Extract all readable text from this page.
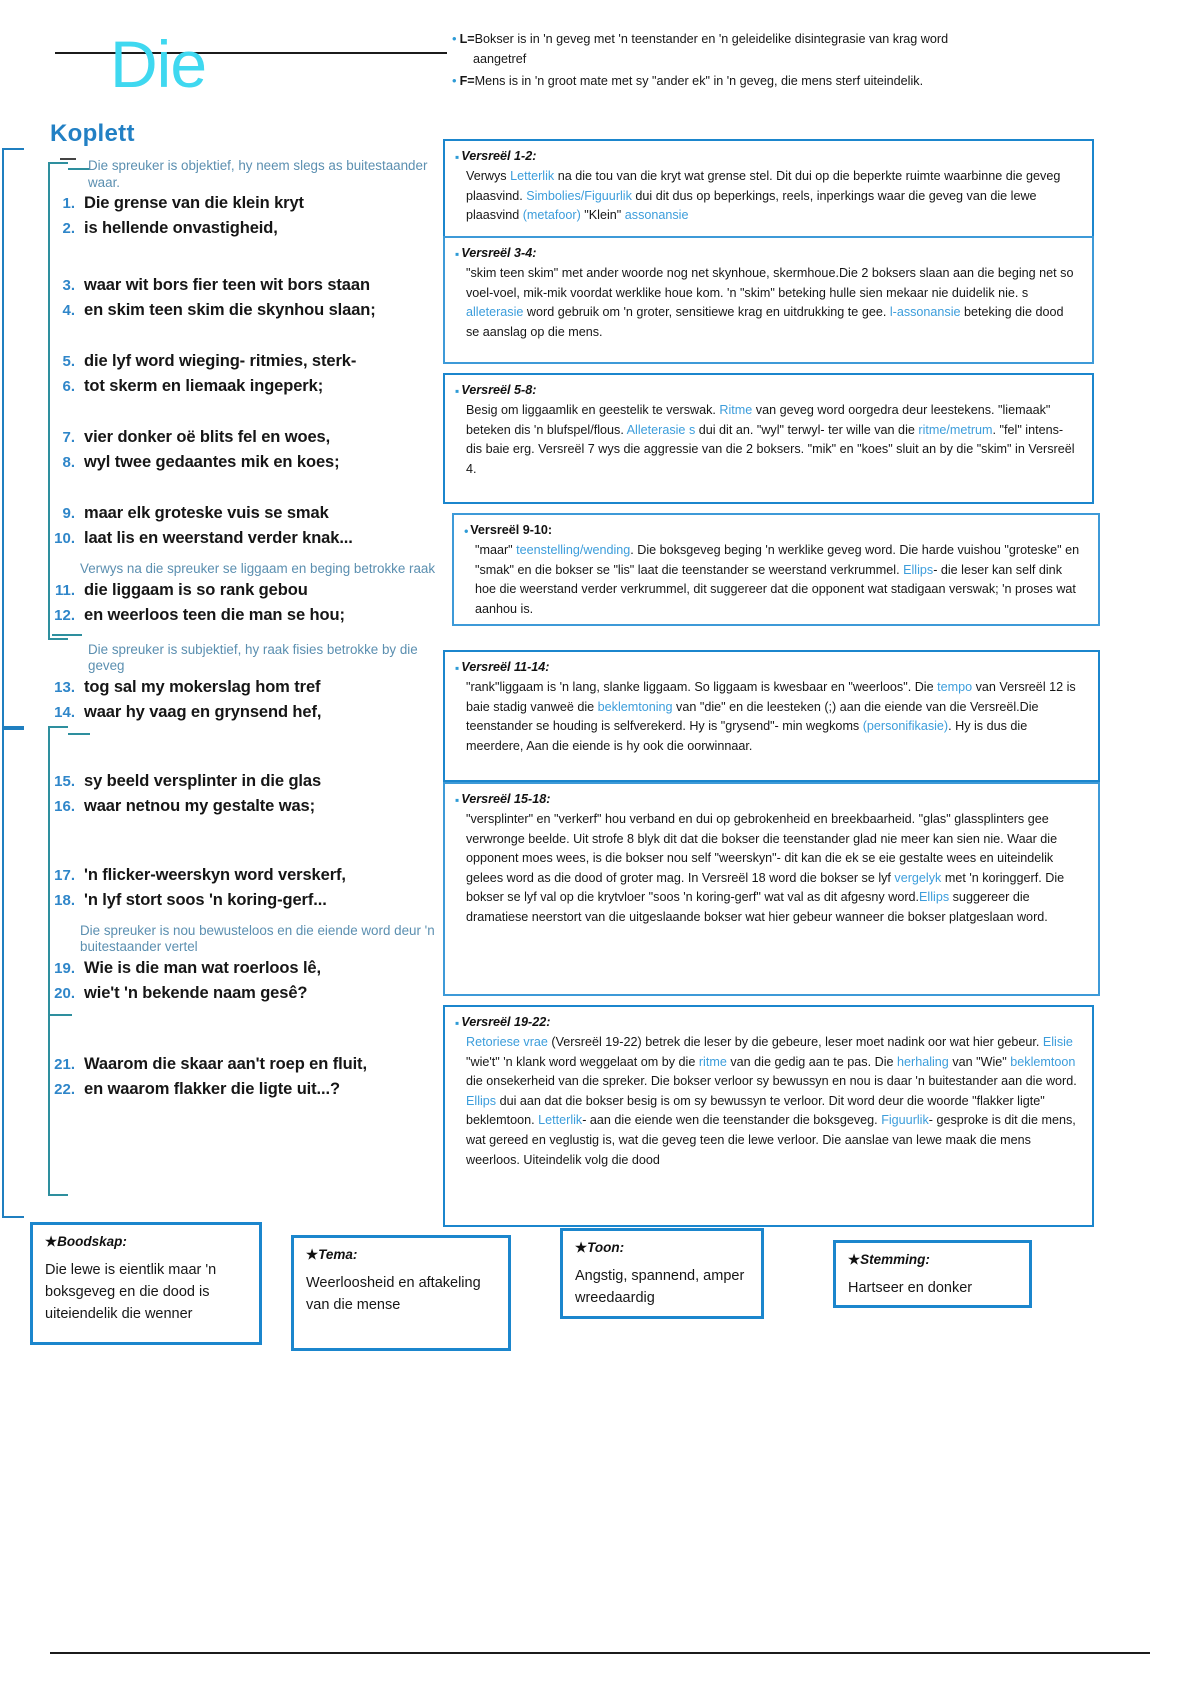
Die	• L=Bokser is in 'n geveg met 'n teenstander en 'n geleidelike disintegrasie van krag word
aangetref
• F=Mens is in 'n groot mate met sy "ander ek" in 'n geveg, die mens sterf uiteindelik.
Koplett
Die spreuker is objektief, hy neem slegs as buitestaander waar.
1. Die grense van die klein kryt
2. is hellende onvastigheid,
3. waar wit bors fier teen wit bors staan
4. en skim teen skim die skynhou slaan;
5. die lyf word wieging- ritmies, sterk-
6. tot skerm en liemaak ingeperk;
7. vier donker oë blits fel en woes,
8. wyl twee gedaantes mik en koes;
9. maar elk groteske vuis se smak
10. laat lis en weerstand verder knak...
Verwys na die spreuker se liggaam en beging betrokke raak
11. die liggaam is so rank gebou
12. en weerloos teen die man se hou;
Die spreuker is subjektief, hy raak fisies betrokke by die geveg
13. tog sal my mokerslag hom tref
14. waar hy vaag en grynsend hef,
15. sy beeld versplinter in die glas
16. waar netnou my gestalte was;
17. 'n flicker-weerskyn word verskerf,
18. 'n lyf stort soos 'n koring-gerf...
Die spreuker is nou bewusteloos en die eiende word deur 'n buitestaander vertel
19. Wie is die man wat roerloos lê,
20. wie't 'n bekende naam gesê?
21. Waarom die skaar aan't roep en fluit,
22. en waarom flakker die ligte uit...?
▪ Versreël 1-2:
Verwys Letterlik na die tou van die kryt wat grense stel. Dit dui op die beperkte ruimte waarbinne die geveg plaasvind. Simbolies/Figuurlik dui dit dus op beperkings, reels, inperkings waar die geveg van die lewe plaasvind (metafoor) "Klein" assonansie
▪ Versreël 3-4:
"skim teen skim" met ander woorde nog net skynhoue, skermhoue.Die 2 boksers slaan aan die beging net so voel-voel, mik-mik voordat werklike houe kom. 'n "skim" beteking hulle sien mekaar nie duidelik nie. s alleterasie word gebruik om 'n groter, sensitiewe krag en uitdrukking te gee. l-assonansie beteking die dood se aanslag op die mens.
▪ Versreël 5-8:
Besig om liggaamlik en geestelik te verswak. Ritme van geveg word oorgedra deur leestekens. "liemaak" beteken dis 'n blufspel/flous. Alleterasie s dui dit an. "wyl" terwyl- ter wille van die ritme/metrum. "fel" intens- dis baie erg. Versreël 7 wys die aggressie van die 2 boksers. "mik" en "koes" sluit an by die "skim" in Versreël 4.
• Versreël 9-10:
"maar" teenstelling/wending. Die boksgeveg beging 'n werklike geveg word. Die harde vuishou "groteske" en "smak" en die bokser se "lis" laat die teenstander se weerstand verkrummel. Ellips- die leser kan self dink hoe die weerstand verder verkrummel, dit suggereer dat die opponent wat stadigaan verswak; 'n proses wat aanhou is.
▪ Versreël 11-14:
"rank"liggaam is 'n lang, slanke liggaam. So liggaam is kwesbaar en "weerloos". Die tempo van Versreël 12 is baie stadig vanweë die beklemtoning van "die" en die leesteken (;) aan die eiende van die Versreël.Die teenstander se houding is selfverekerd. Hy is "grysend"- min wegkoms (personifikasie). Hy is dus die meerdere, Aan die eiende is hy ook die oorwinnaar.
▪ Versreël 15-18:
"versplinter" en "verkerf" hou verband en dui op gebrokenheid en breekbaarheid. "glas" glassplinters gee verwronge beelde. Uit strofe 8 blyk dit dat die bokser die teenstander glad nie meer kan sien nie. Waar die opponent moes wees, is die bokser nou self "weerskyn"- dit kan die ek se eie gestalte wees en uiteindelik gelees word as die dood of groter mag. In Versreël 18 word die bokser se lyf vergelyk met 'n koringgerf. Die bokser se lyf val op die krytvloer "soos 'n koring-gerf" wat val as dit afgesny word.Ellips suggereer die dramatiese neerstort van die uitgeslaande bokser wat hier gebeur wanneer die bokser platgeslaan word.
▪ Versreël 19-22:
Retoriese vrae (Versreël 19-22) betrek die leser by die gebeure, leser moet nadink oor wat hier gebeur. Elisie "wie't" 'n klank word weggelaat om by die ritme van die gedig aan te pas. Die herhaling van "Wie" beklemtoon die onsekerheid van die spreker. Die bokser verloor sy bewussyn en nou is daar 'n buitestander aan die word. Ellips dui aan dat die bokser besig is om sy bewussyn te verloor. Dit word deur die woorde "flakker ligte" beklemtoon. Letterlik- aan die eiende wen die teenstander die boksgeveg. Figuurlik- gesproke is dit die mens, wat gereed en veglustig is, wat die geveg teen die lewe verloor. Die aanslae van lewe maak die mens weerloos. Uiteindelik volg die dood
★Boodskap:
Die lewe is eientlik maar 'n boksgeveg en die dood is uiteiendelik die wenner
★Tema:
Weerloosheid en aftakeling van die mense
★Toon:
Angstig, spannend, amper wreedaardig
★Stemming:
Hartseer en donker
